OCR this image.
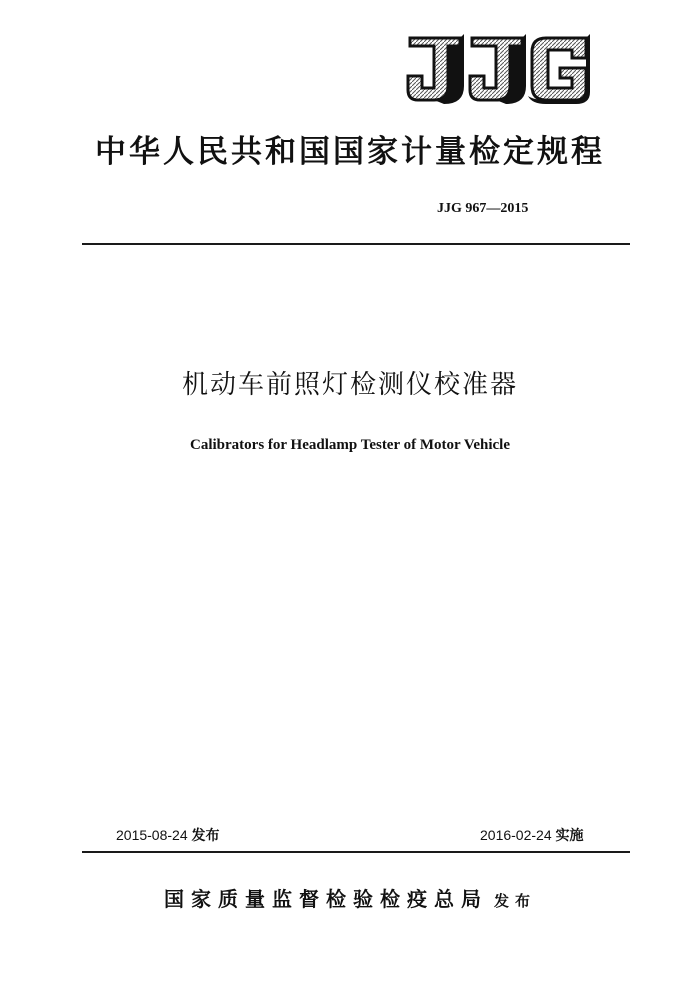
中华人民共和国国家计量检定规程
JJG 967—2015
机动车前照灯检测仪校准器
Calibrators for Headlamp Tester of Motor Vehicle
2015-08-24 发布	2016-02-24 实施
国家质量监督检验检疫总局 发布
